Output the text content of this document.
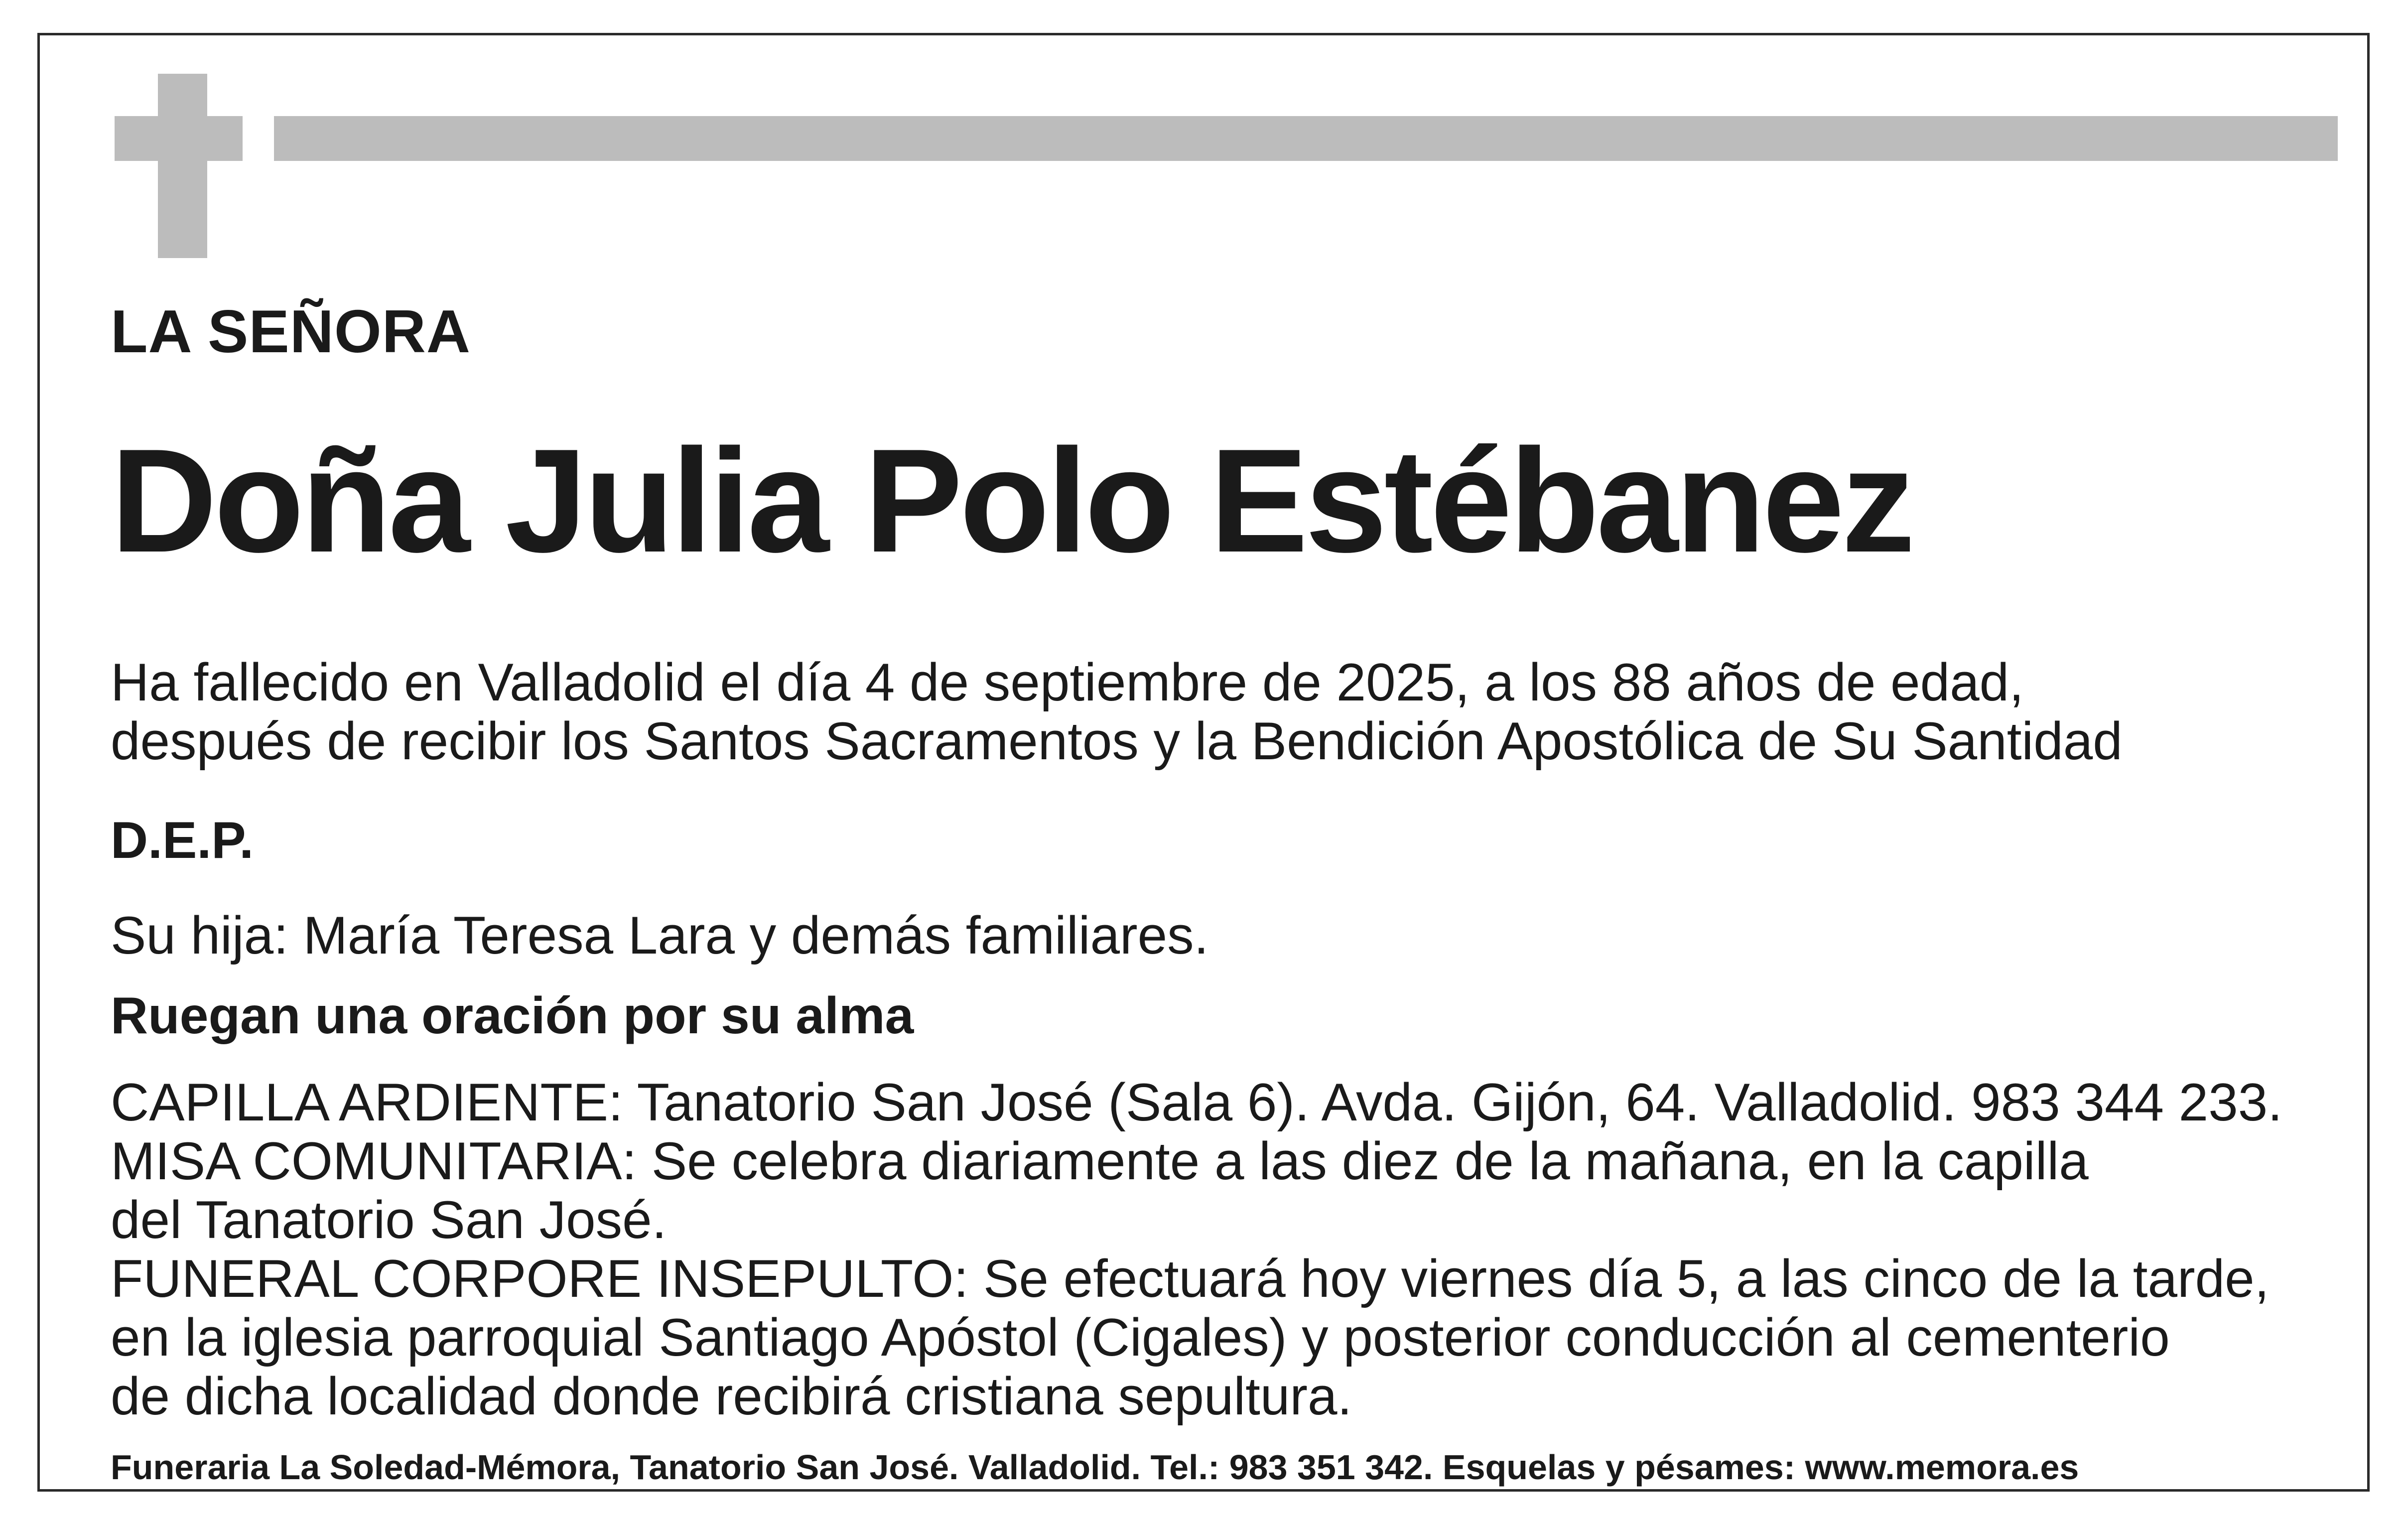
LA SEÑORA
Doña Julia Polo Estébanez
Ha fallecido en Valladolid el día 4 de septiembre de 2025, a los 88 años de edad,
después de recibir los Santos Sacramentos y la Bendición Apostólica de Su Santidad
D.E.P.
Su hija: María Teresa Lara y demás familiares.
Ruegan una oración por su alma
CAPILLA ARDIENTE: Tanatorio San José (Sala 6). Avda. Gijón, 64. Valladolid. 983 344 233.
MISA COMUNITARIA: Se celebra diariamente a las diez de la mañana, en la capilla
del Tanatorio San José.
FUNERAL CORPORE INSEPULTO: Se efectuará hoy viernes día 5, a las cinco de la tarde,
en la iglesia parroquial Santiago Apóstol (Cigales) y posterior conducción al cementerio
de dicha localidad donde recibirá cristiana sepultura.
Funeraria La Soledad-Mémora, Tanatorio San José. Valladolid. Tel.: 983 351 342. Esquelas y pésames: www.memora.es
